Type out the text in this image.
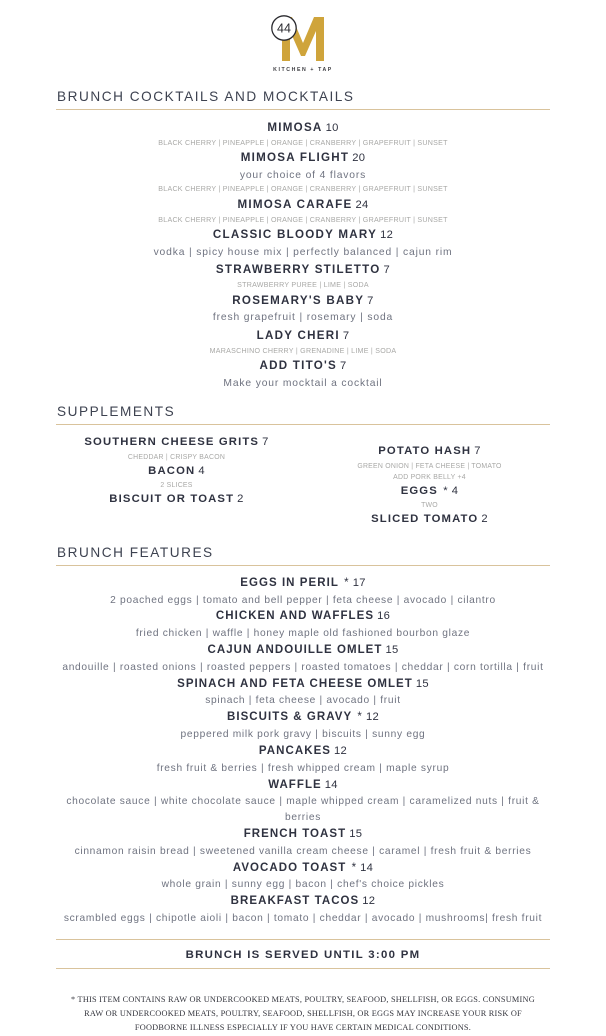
44
KITCHEN + TAP
BRUNCH COCKTAILS AND MOCKTAILS
MIMOSA 10
BLACK CHERRY | PINEAPPLE | ORANGE | CRANBERRY | GRAPEFRUIT | SUNSET
MIMOSA FLIGHT 20
your choice of 4 flavors
BLACK CHERRY | PINEAPPLE | ORANGE | CRANBERRY | GRAPEFRUIT | SUNSET
MIMOSA CARAFE 24
BLACK CHERRY | PINEAPPLE | ORANGE | CRANBERRY | GRAPEFRUIT | SUNSET
CLASSIC BLOODY MARY 12
vodka | spicy house mix | perfectly balanced | cajun rim
STRAWBERRY STILETTO 7
STRAWBERRY PUREE | LIME | SODA
ROSEMARY'S BABY 7
fresh grapefruit | rosemary | soda
LADY CHERI 7
MARASCHINO CHERRY | GRENADINE | LIME | SODA
ADD TITO'S 7
Make your mocktail a cocktail
SUPPLEMENTS
SOUTHERN CHEESE GRITS 7
CHEDDAR | CRISPY BACON
BACON 4
2 SLICES
BISCUIT OR TOAST 2
POTATO HASH 7
GREEN ONION | FETA CHEESE | TOMATO
ADD PORK BELLY +4
EGGS * 4
TWO
SLICED TOMATO 2
BRUNCH FEATURES
EGGS IN PERIL * 17
2 poached eggs | tomato and bell pepper | feta cheese | avocado | cilantro
CHICKEN AND WAFFLES 16
fried chicken | waffle | honey maple old fashioned bourbon glaze
CAJUN ANDOUILLE OMLET 15
andouille | roasted onions | roasted peppers | roasted tomatoes | cheddar | corn tortilla | fruit
SPINACH AND FETA CHEESE OMLET 15
spinach | feta cheese | avocado | fruit
BISCUITS & GRAVY * 12
peppered milk pork gravy | biscuits | sunny egg
PANCAKES 12
fresh fruit & berries | fresh whipped cream | maple syrup
WAFFLE 14
chocolate sauce | white chocolate sauce | maple whipped cream | caramelized nuts | fruit & berries
FRENCH TOAST 15
cinnamon raisin bread | sweetened vanilla cream cheese | caramel | fresh fruit & berries
AVOCADO TOAST * 14
whole grain | sunny egg | bacon | chef's choice pickles
BREAKFAST TACOS 12
scrambled eggs | chipotle aioli | bacon | tomato | cheddar | avocado | mushrooms| fresh fruit
BRUNCH IS SERVED UNTIL 3:00 PM
* THIS ITEM CONTAINS RAW OR UNDERCOOKED MEATS, POULTRY, SEAFOOD, SHELLFISH, OR EGGS. CONSUMING RAW OR UNDERCOOKED MEATS, POULTRY, SEAFOOD, SHELLFISH, OR EGGS MAY INCREASE YOUR RISK OF FOODBORNE ILLNESS ESPECIALLY IF YOU HAVE CERTAIN MEDICAL CONDITIONS.
